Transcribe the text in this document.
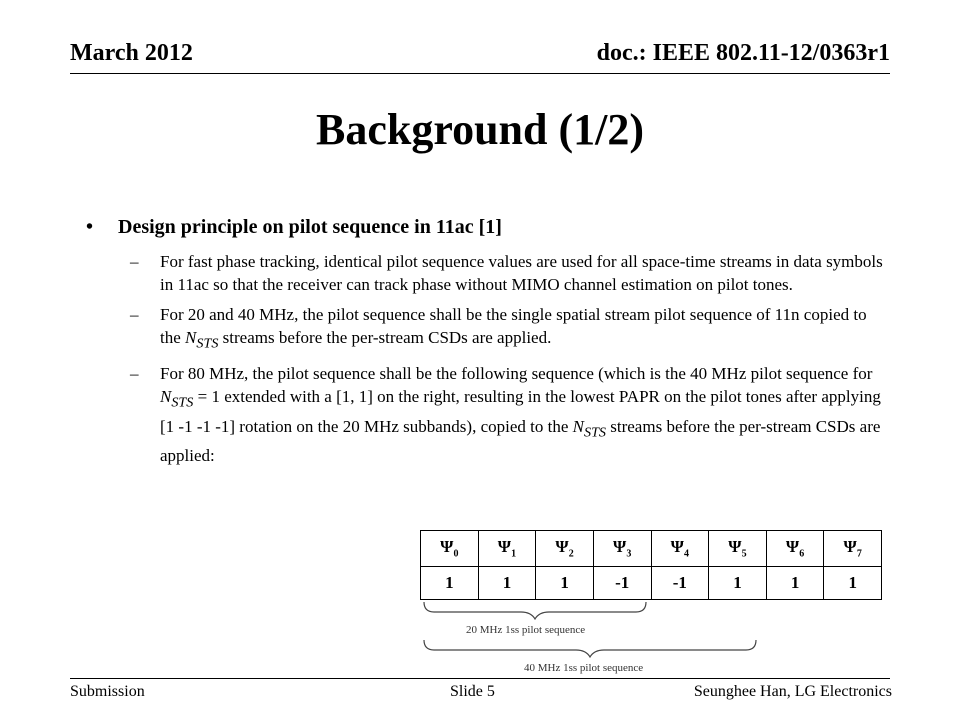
March 2012	doc.: IEEE 802.11-12/0363r1
Background (1/2)
• Design principle on pilot sequence in 11ac [1]
– For fast phase tracking, identical pilot sequence values are used for all space-time streams in data symbols in 11ac so that the receiver can track phase without MIMO channel estimation on pilot tones.
– For 20 and 40 MHz, the pilot sequence shall be the single spatial stream pilot sequence of 11n copied to the $N_{STS}$ streams before the per-stream CSDs are applied.
– For 80 MHz, the pilot sequence shall be the following sequence (which is the 40 MHz pilot sequence for $N_{STS} = 1$ extended with a [1, 1] on the right, resulting in the lowest PAPR on the pilot tones after applying [1 -1 -1 -1] rotation on the 20 MHz subbands), copied to the $N_{STS}$ streams before the per-stream CSDs are applied:
$\Psi_0$	$\Psi_1$	$\Psi_2$	$\Psi_3$	$\Psi_4$	$\Psi_5$	$\Psi_6$	$\Psi_7$
1	1	1	-1	-1	1	1	1
20 MHz 1ss pilot sequence
40 MHz 1ss pilot sequence
Submission	Slide 5	Seunghee Han, LG Electronics
